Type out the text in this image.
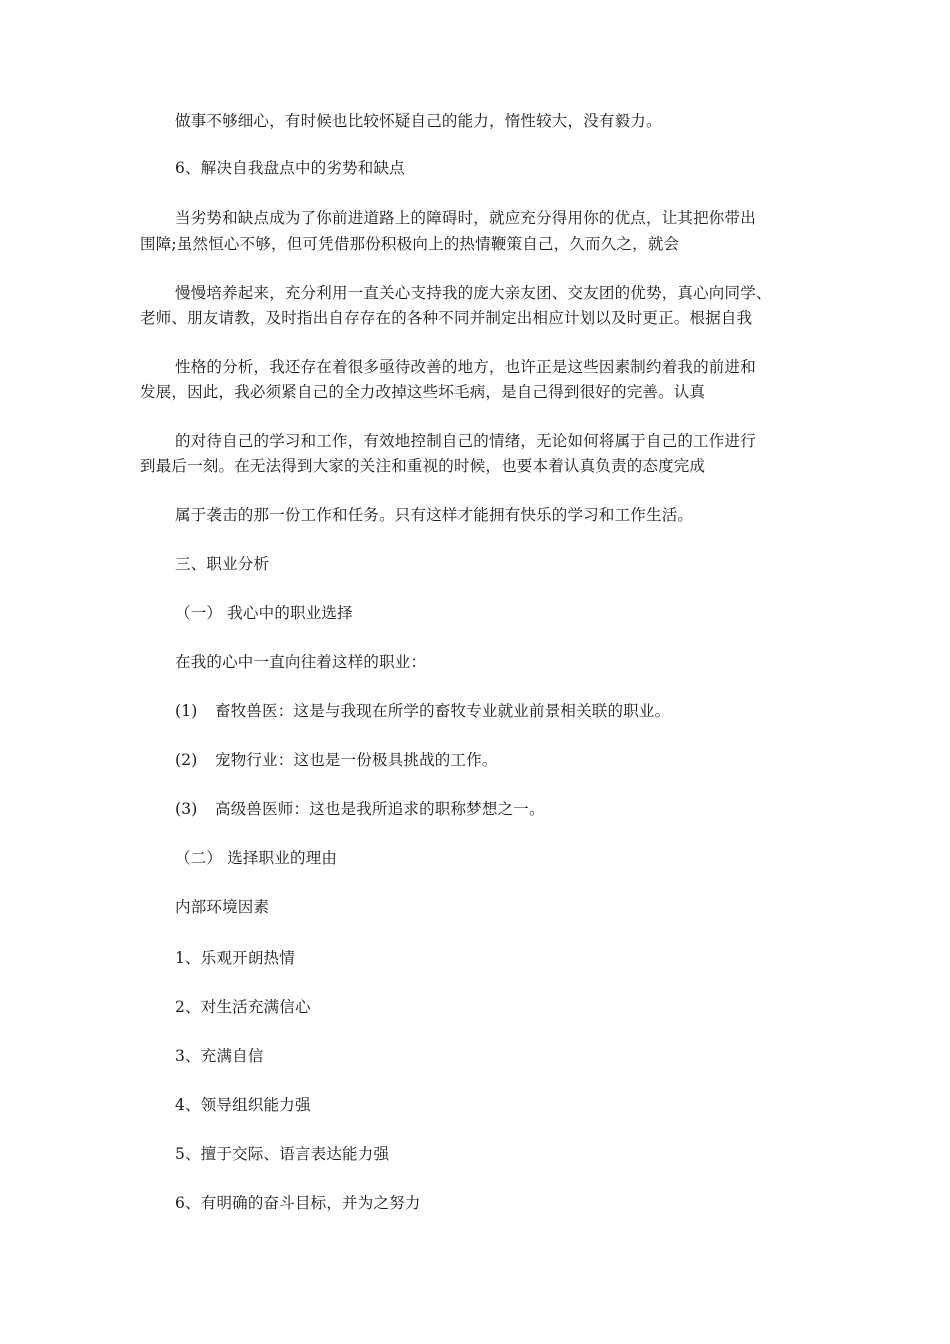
做事不够细心，有时候也比较怀疑自己的能力，惰性较大，没有毅力。
6、解决自我盘点中的劣势和缺点
当劣势和缺点成为了你前进道路上的障碍时，就应充分得用你的优点，让其把你带出
围障;虽然恒心不够，但可凭借那份积极向上的热情鞭策自己，久而久之，就会
慢慢培养起来，充分利用一直关心支持我的庞大亲友团、交友团的优势，真心向同学、
老师、朋友请教，及时指出自存存在的各种不同并制定出相应计划以及时更正。根据自我
性格的分析，我还存在着很多亟待改善的地方，也许正是这些因素制约着我的前进和
发展，因此，我必须紧自己的全力改掉这些坏毛病，是自己得到很好的完善。认真
的对待自己的学习和工作，有效地控制自己的情绪，无论如何将属于自己的工作进行
到最后一刻。在无法得到大家的关注和重视的时候，也要本着认真负责的态度完成
属于袭击的那一份工作和任务。只有这样才能拥有快乐的学习和工作生活。
三、职业分析
（一） 我心中的职业选择
在我的心中一直向往着这样的职业：
(1) 畜牧兽医：这是与我现在所学的畜牧专业就业前景相关联的职业。
(2) 宠物行业：这也是一份极具挑战的工作。
(3) 高级兽医师：这也是我所追求的职称梦想之一。
（二） 选择职业的理由
内部环境因素
1、乐观开朗热情
2、对生活充满信心
3、充满自信
4、领导组织能力强
5、擅于交际、语言表达能力强
6、有明确的奋斗目标，并为之努力
